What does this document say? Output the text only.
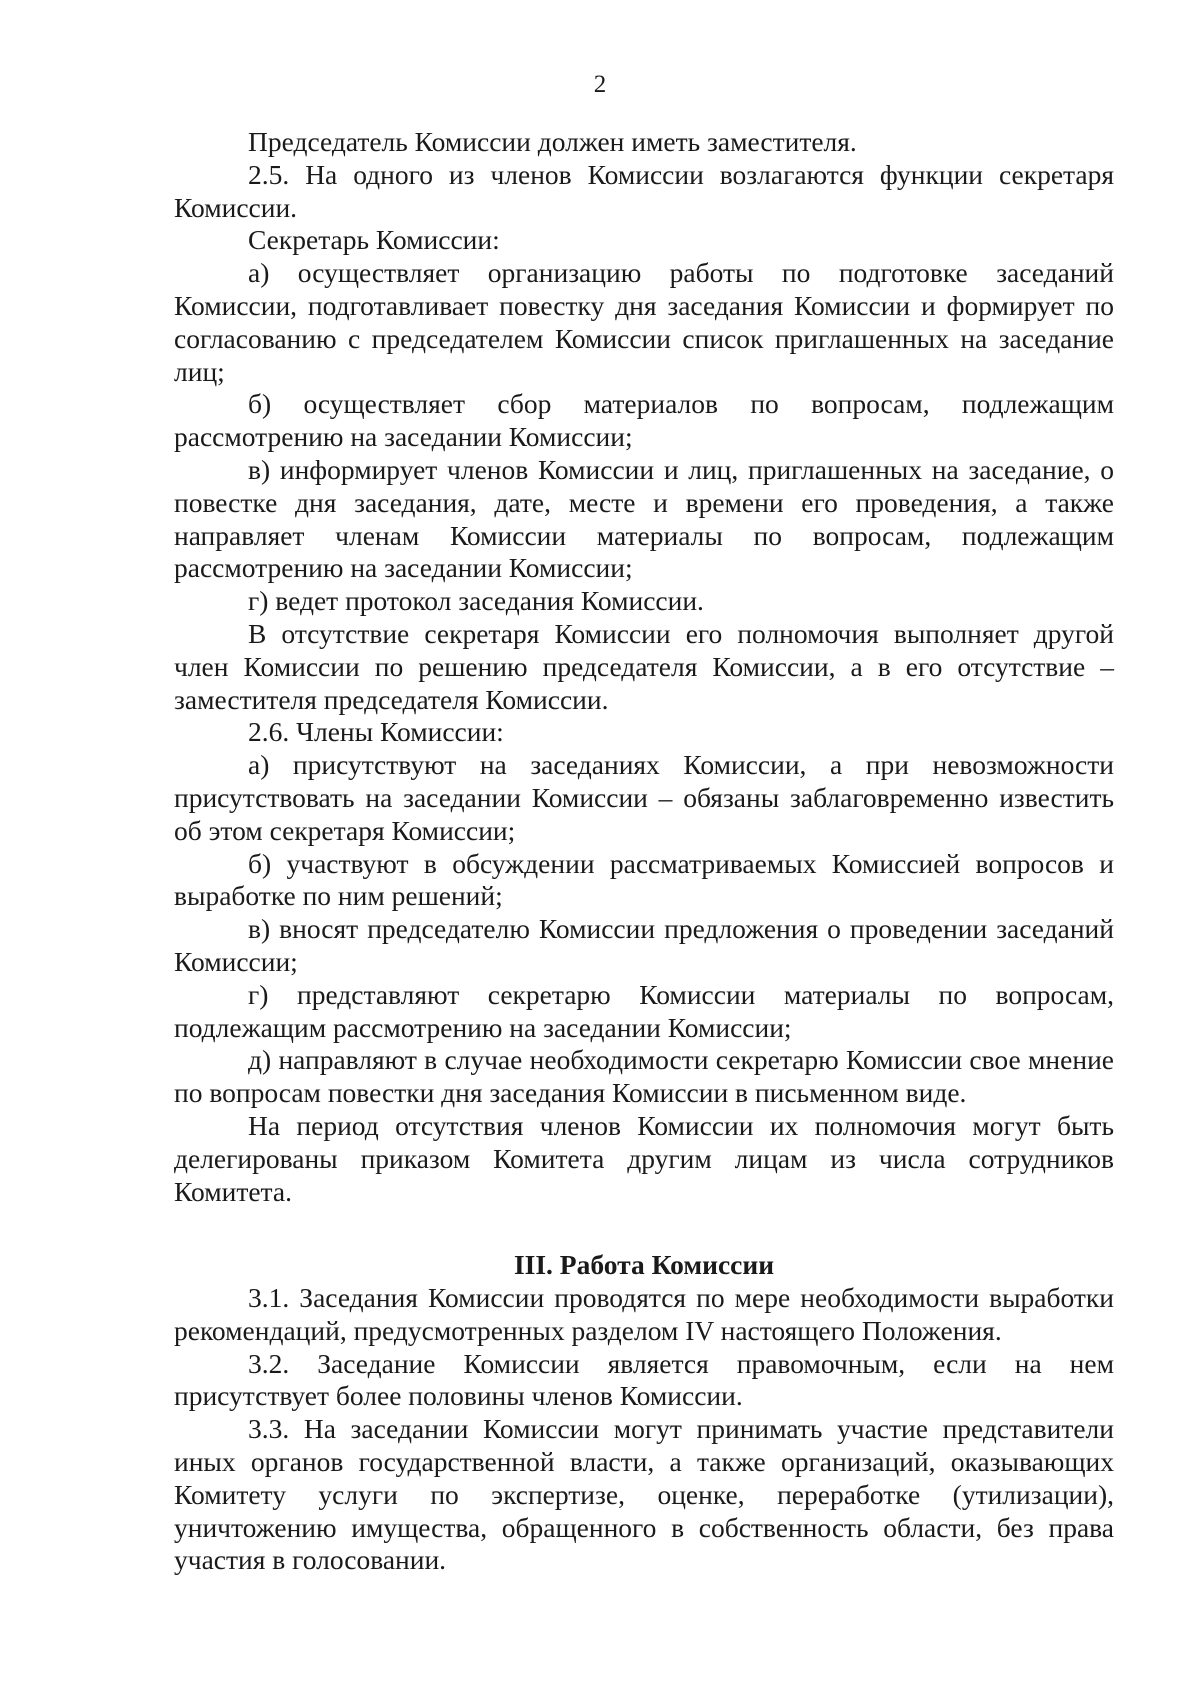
2

Председатель Комиссии должен иметь заместителя.

2.5. На одного из членов Комиссии возлагаются функции секретаря Комиссии.

Секретарь Комиссии:

а) осуществляет организацию работы по подготовке заседаний Комиссии, подготавливает повестку дня заседания Комиссии и формирует по согласованию с председателем Комиссии список приглашенных на заседание лиц;

б) осуществляет сбор материалов по вопросам, подлежащим рассмотрению на заседании Комиссии;

в) информирует членов Комиссии и лиц, приглашенных на заседание, о повестке дня заседания, дате, месте и времени его проведения, а также направляет членам Комиссии материалы по вопросам, подлежащим рассмотрению на заседании Комиссии;

г) ведет протокол заседания Комиссии.

В отсутствие секретаря Комиссии его полномочия выполняет другой член Комиссии по решению председателя Комиссии, а в его отсутствие – заместителя председателя Комиссии.

2.6. Члены Комиссии:

а) присутствуют на заседаниях Комиссии, а при невозможности присутствовать на заседании Комиссии – обязаны заблаговременно известить об этом секретаря Комиссии;

б) участвуют в обсуждении рассматриваемых Комиссией вопросов и выработке по ним решений;

в) вносят председателю Комиссии предложения о проведении заседаний Комиссии;

г) представляют секретарю Комиссии материалы по вопросам, подлежащим рассмотрению на заседании Комиссии;

д) направляют в случае необходимости секретарю Комиссии свое мнение по вопросам повестки дня заседания Комиссии в письменном виде.

На период отсутствия членов Комиссии их полномочия могут быть делегированы приказом Комитета другим лицам из числа сотрудников Комитета.

III. Работа Комиссии

3.1. Заседания Комиссии проводятся по мере необходимости выработки рекомендаций, предусмотренных разделом IV настоящего Положения.

3.2. Заседание Комиссии является правомочным, если на нем присутствует более половины членов Комиссии.

3.3. На заседании Комиссии могут принимать участие представители иных органов государственной власти, а также организаций, оказывающих Комитету услуги по экспертизе, оценке, переработке (утилизации), уничтожению имущества, обращенного в собственность области, без права участия в голосовании.
